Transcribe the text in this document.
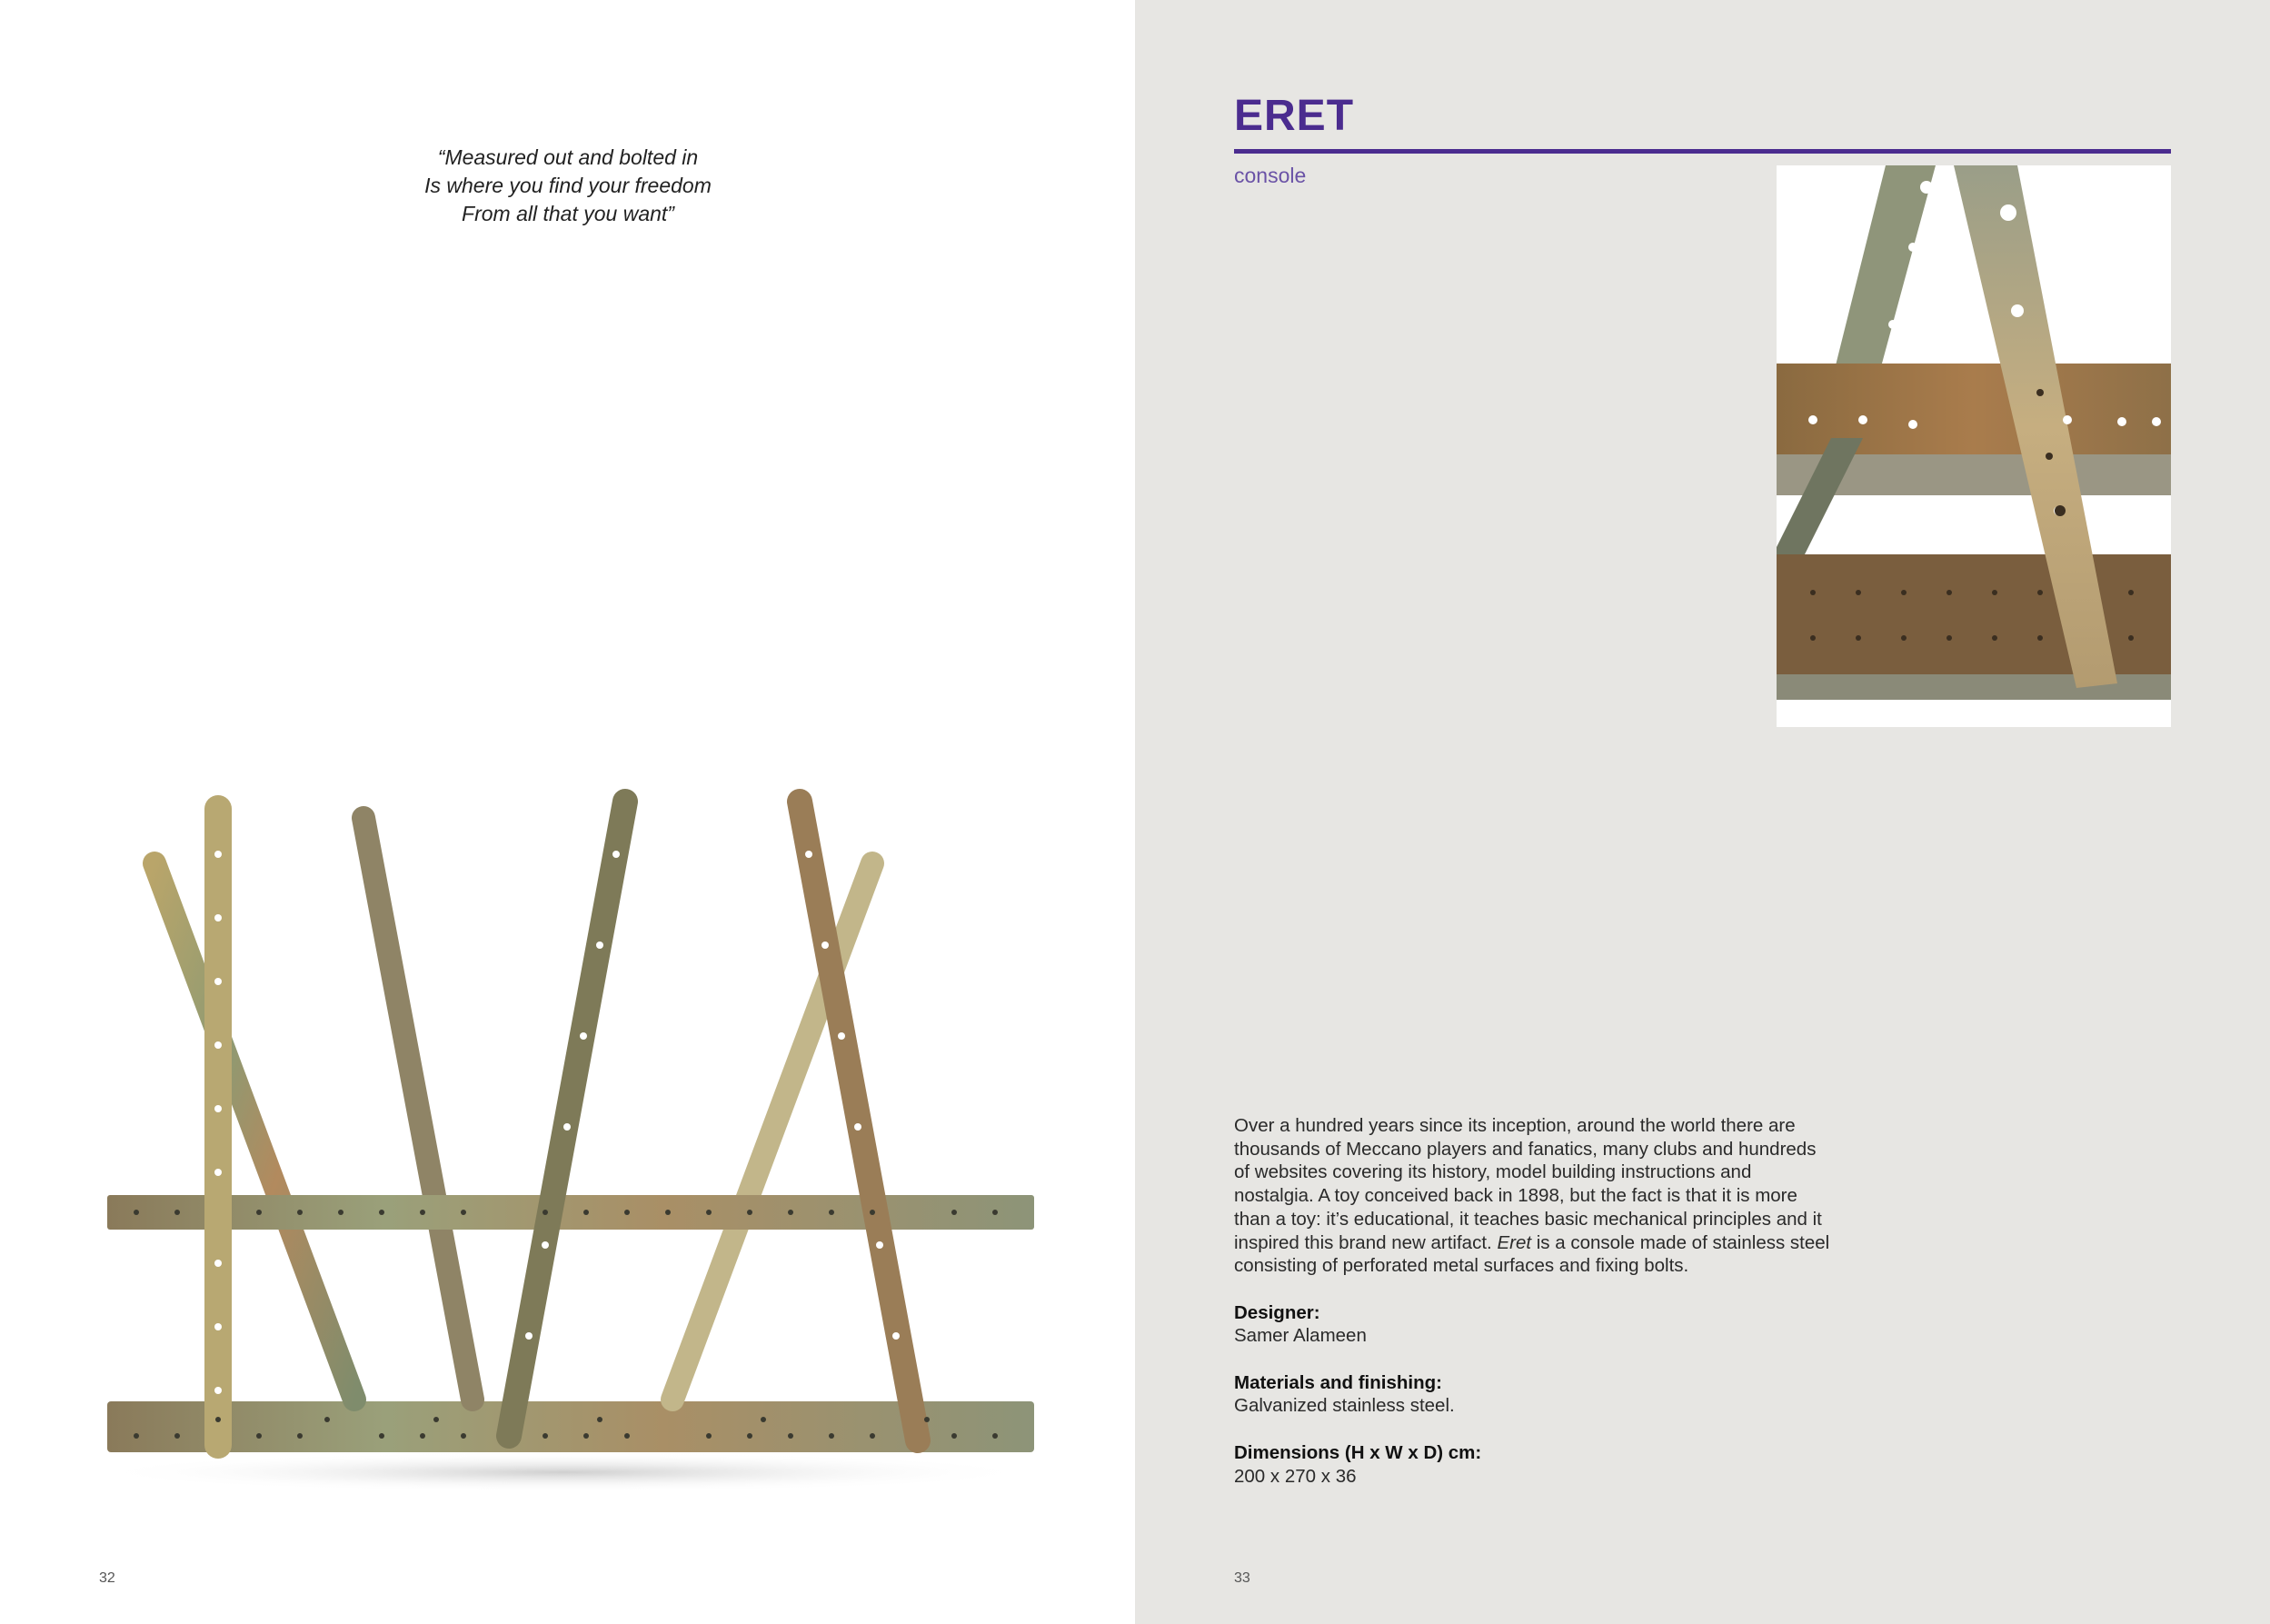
“Measured out and bolted in
Is where you find your freedom
From all that you want”
32
ERET
console

Over a hundred years since its inception, around the world there are thousands of Meccano players and fanatics, many clubs and hundreds of websites covering its history, model building instructions and nostalgia. A toy conceived back in 1898, but the fact is that it is more than a toy: it’s educational, it teaches basic mechanical principles and it inspired this brand new artifact. Eret is a console made of stainless steel consisting of perforated metal surfaces and fixing bolts.

Designer:
Samer Alameen
Materials and finishing:
Galvanized stainless steel.
Dimensions (H x W x D) cm:
200 x 270 x 36
33
